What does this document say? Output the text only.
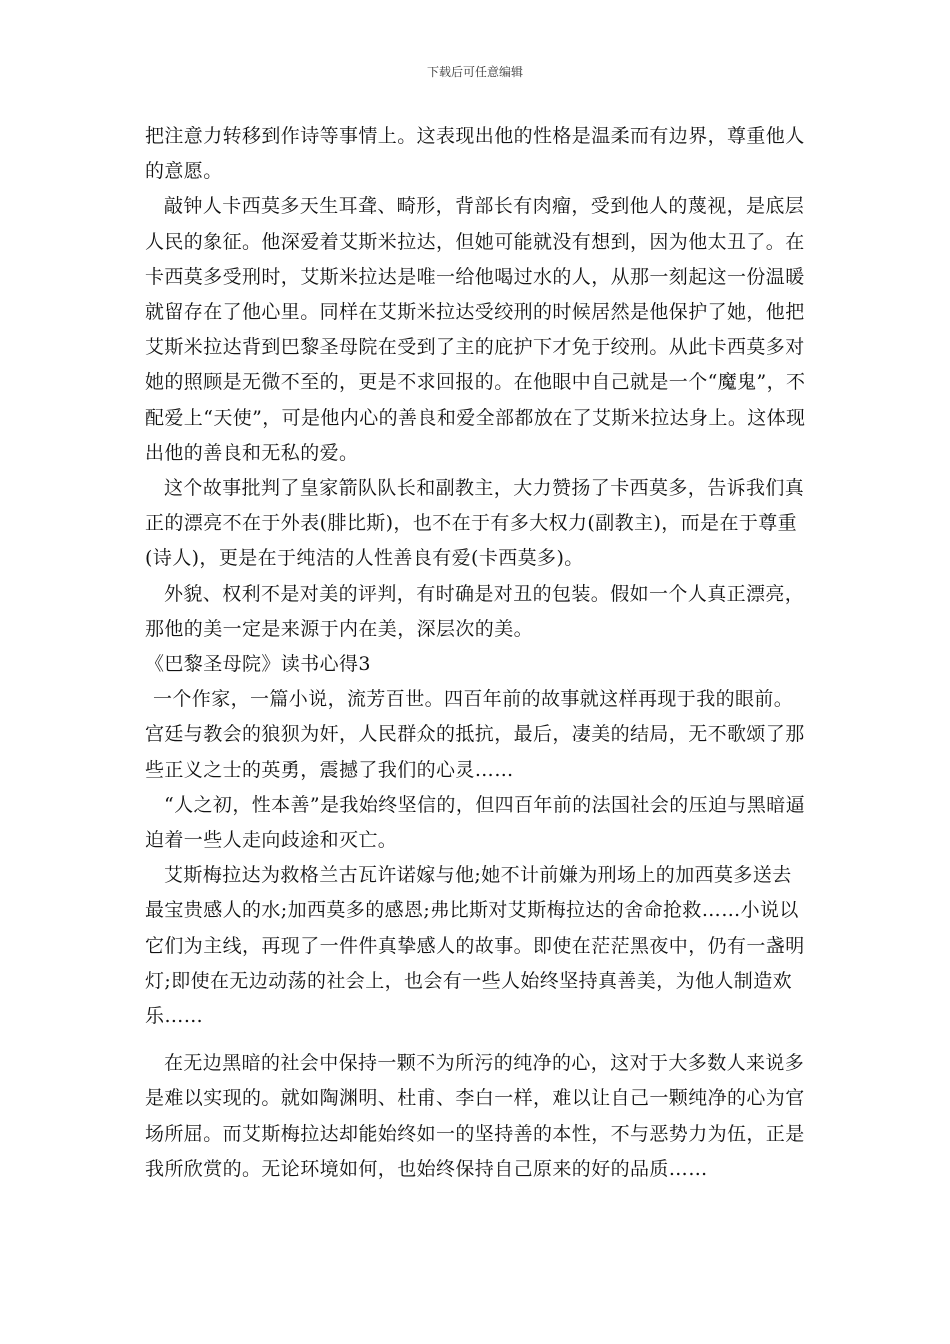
下载后可任意编辑

把注意力转移到作诗等事情上。这表现出他的性格是温柔而有边界，尊重他人的意愿。

敲钟人卡西莫多天生耳聋、畸形，背部长有肉瘤，受到他人的蔑视，是底层人民的象征。他深爱着艾斯米拉达，但她可能就没有想到，因为他太丑了。在卡西莫多受刑时，艾斯米拉达是唯一给他喝过水的人，从那一刻起这一份温暖就留存在了他心里。同样在艾斯米拉达受绞刑的时候居然是他保护了她，他把艾斯米拉达背到巴黎圣母院在受到了主的庇护下才免于绞刑。从此卡西莫多对她的照顾是无微不至的，更是不求回报的。在他眼中自己就是一个“魔鬼”，不配爱上“天使”，可是他内心的善良和爱全部都放在了艾斯米拉达身上。这体现出他的善良和无私的爱。

这个故事批判了皇家箭队队长和副教主，大力赞扬了卡西莫多，告诉我们真正的漂亮不在于外表(腓比斯)，也不在于有多大权力(副教主)，而是在于尊重(诗人)，更是在于纯洁的人性善良有爱(卡西莫多)。

外貌、权利不是对美的评判，有时确是对丑的包装。假如一个人真正漂亮，那他的美一定是来源于内在美，深层次的美。

《巴黎圣母院》读书心得3

一个作家，一篇小说，流芳百世。四百年前的故事就这样再现于我的眼前。宫廷与教会的狼狈为奸，人民群众的抵抗，最后，凄美的结局，无不歌颂了那些正义之士的英勇，震撼了我们的心灵……

“人之初，性本善”是我始终坚信的，但四百年前的法国社会的压迫与黑暗逼迫着一些人走向歧途和灭亡。

艾斯梅拉达为救格兰古瓦许诺嫁与他;她不计前嫌为刑场上的加西莫多送去最宝贵感人的水;加西莫多的感恩;弗比斯对艾斯梅拉达的舍命抢救……小说以它们为主线，再现了一件件真挚感人的故事。即使在茫茫黑夜中，仍有一盏明灯;即使在无边动荡的社会上，也会有一些人始终坚持真善美，为他人制造欢乐……

在无边黑暗的社会中保持一颗不为所污的纯净的心，这对于大多数人来说多是难以实现的。就如陶渊明、杜甫、李白一样，难以让自己一颗纯净的心为官场所屈。而艾斯梅拉达却能始终如一的坚持善的本性，不与恶势力为伍，正是我所欣赏的。无论环境如何，也始终保持自己原来的好的品质……
